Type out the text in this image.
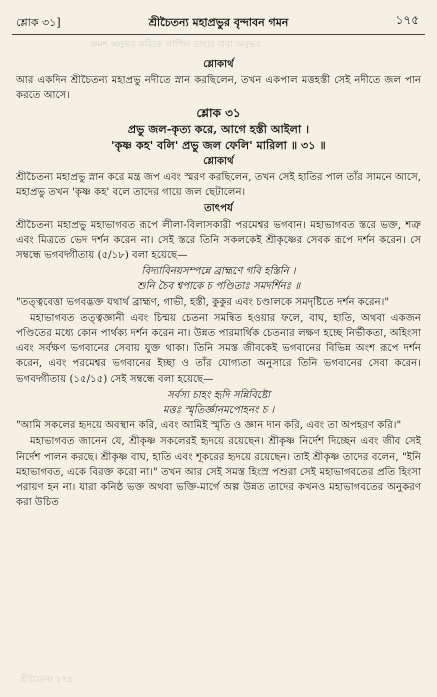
ক্রমশ অনুভব করিতে লাগিল তাহার বাবা অনুভব
শ্লোক ৩১]	শ্রীচৈতন্য মহাপ্রভুর বৃন্দাবন গমন	১৭৫
শ্লোকার্থ

আর একদিন শ্রীচৈতন্য মহাপ্রভু নদীতে স্নান করছিলেন, তখন একপাল মত্তহস্তী সেই নদীতে জল পান করতে আসে।

শ্লোক ৩১
প্রভু জল-কৃত্য করে, আগে হস্তী আইলা ।
'কৃষ্ণ কহ' বলি' প্রভু জল ফেলি' মারিলা ॥ ৩১ ॥
শ্লোকার্থ

শ্রীচৈতন্য মহাপ্রভু স্নান করে মন্ত্র জপ এবং স্মরণ করছিলেন, তখন সেই হাতির পাল তাঁর সামনে আসে, মহাপ্রভু তখন 'কৃষ্ণ কহ' বলে তাদের গায়ে জল ছেটালেন।

তাৎপর্য

শ্রীচৈতন্য মহাপ্রভু মহাভাগবত রূপে লীলা-বিলাসকারী পরমেশ্বর ভগবান। মহাভাগবত স্তরে ভক্ত, শত্রু এবং মিত্রতে ভেদ দর্শন করেন না। সেই স্তরে তিনি সকলকেই শ্রীকৃষ্ণের সেবক রূপে দর্শন করেন। সে সম্বন্ধে ভগবদ্গীতায় (৫/১৮) বলা হয়েছে—

বিদ্যাবিনয়সম্পন্নে ব্রাহ্মণে গবি হস্তিনি ।
শুনি চৈব শ্বপাকে চ পণ্ডিতাঃ সমদর্শিনঃ ॥

"তত্ত্ববেত্তা ভগবদ্ভক্ত যথার্থ ব্রাহ্মণ, গাভী, হস্তী, কুকুর এবং চণ্ডালকে সমদৃষ্টিতে দর্শন করেন।"

মহাভাগবত তত্ত্বজ্ঞানী এবং চিন্ময় চেতনা সমন্বিত হওয়ার ফলে, বাঘ, হাতি, অথবা একজন পণ্ডিতের মধ্যে কোন পার্থক্য দর্শন করেন না। উন্নত পারমার্থিক চেতনার লক্ষণ হচ্ছে নির্ভীকতা, অহিংসা এবং সর্বক্ষণ ভগবানের সেবায় যুক্ত থাকা। তিনি সমস্ত জীবকেই ভগবানের বিভিন্ন অংশ রূপে দর্শন করেন, এবং পরমেশ্বর ভগবানের ইচ্ছা ও তাঁর যোগ্যতা অনুসারে তিনি ভগবানের সেবা করেন। ভগবদ্গীতায় (১৫/১৫) সেই সম্বন্ধে বলা হয়েছে—

সর্বস্য চাহং হৃদি সন্নিবিষ্টো
মত্তঃ স্মৃতির্জ্ঞানমপোহনং চ ।

"আমি সকলের হৃদয়ে অবস্থান করি, এবং আমিই স্মৃতি ও জ্ঞান দান করি, এবং তা অপহরণ করি।"

মহাভাগবত জানেন যে, শ্রীকৃষ্ণ সকলেরই হৃদয়ে রয়েছেন। শ্রীকৃষ্ণ নির্দেশ দিচ্ছেন এবং জীব সেই নির্দেশ পালন করছে। শ্রীকৃষ্ণ বাঘ, হাতি এবং শূকরের হৃদয়ে রয়েছেন। তাই শ্রীকৃষ্ণ তাদের বলেন, "ইনি মহাভাগবত, একে বিরক্ত করো না।" তখন আর সেই সমস্ত হিংস্র পশুরা সেই মহাভাগবতের প্রতি হিংসা পরায়ণ হন না। যারা কনিষ্ঠ ভক্ত অথবা ভক্তি-মার্গে অল্প উন্নত তাদের কখনও মহাভাগবতের অনুকরণ করা উচিত

শ্রীচৈতন্য ১৭৫
